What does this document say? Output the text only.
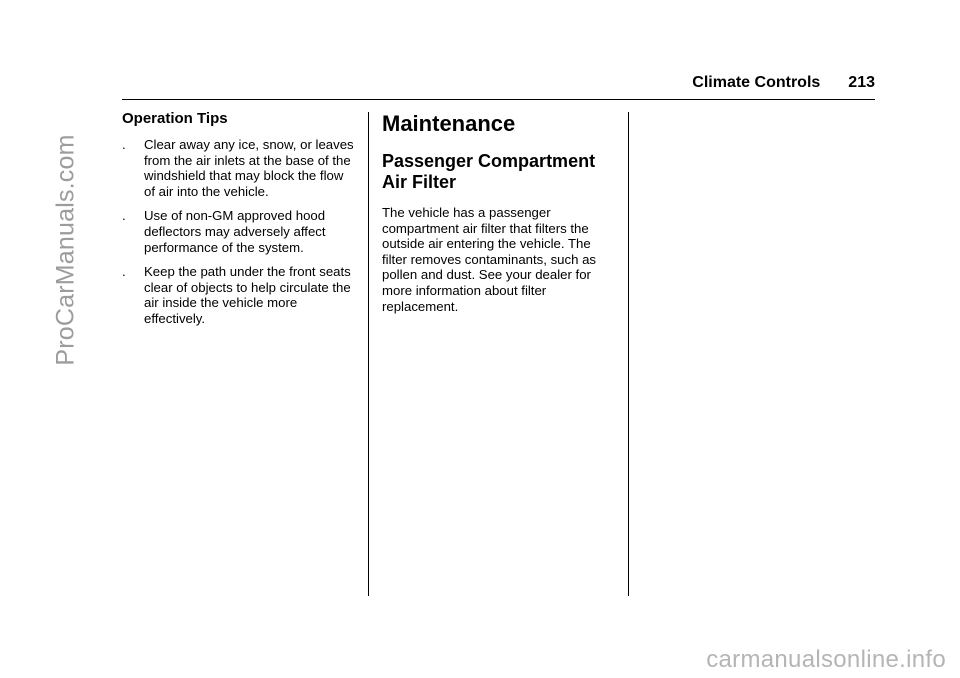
ProCarManuals.com
Climate Controls 213
Operation Tips
.	Clear away any ice, snow, or leaves from the air inlets at the base of the windshield that may block the flow of air into the vehicle.
.	Use of non-GM approved hood deflectors may adversely affect performance of the system.
.	Keep the path under the front seats clear of objects to help circulate the air inside the vehicle more effectively.
Maintenance
Passenger Compartment Air Filter

The vehicle has a passenger compartment air filter that filters the outside air entering the vehicle. The filter removes contaminants, such as pollen and dust. See your dealer for more information about filter replacement.

carmanualsonline.info
